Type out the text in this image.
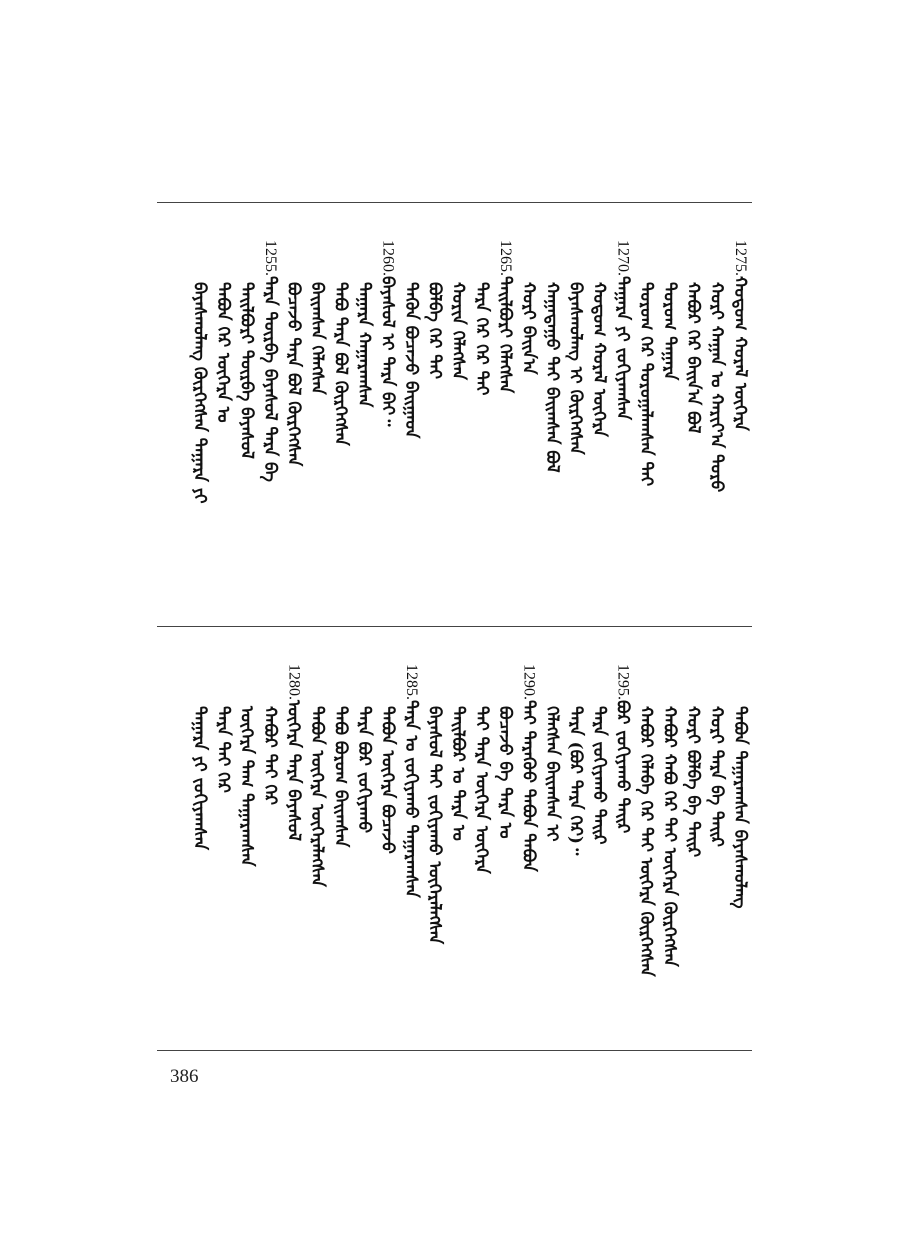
1275.ᠬᠣᠳᠤᠭ ᠬᠤᠷᠠᠯ ᠦᠭᠡᠷᠡ
ᠬᠣᠷᠢ ᠬᠠᠭᠠᠨ ᠤ ᠬᠠᠷᠢᠶ᠎ᠠ ᠳᠣᠷᠤ
ᠬᠠᠪᠤᠷ ᠬᠡᠷ ᠪᠠᠢᠨ᠎ᠠ ᠪᠣᠯ
ᠳᠣᠷᠤᠭ ᠲᠠᠭᠠᠷᠠ
ᠳᠣᠷᠤᠭ ᠬᠡᠷ ᠲᠤᠷᠤᠭᠠᠯᠠᠭᠰᠠᠨ ᠲᠠᠢ
1270.ᠲᠠᠭᠠᠷᠠ ᠶᠢ ᠵᠣᠬᠢᠶᠠᠭᠰᠠᠨ
ᠬᠣᠳᠤᠭ ᠬᠤᠷᠠᠯ ᠦᠭᠡᠷᠡ
ᠪᠠᠶᠠᠰᠬᠤᠯᠠᠩ ᠢ ᠬᠦᠷᠭᠡᠭᠰᠡᠨ
ᠬᠠᠭᠠᠳᠠᠭᠤ ᠲᠠᠢ ᠪᠠᠢᠭᠰᠠᠨ ᠪᠣᠯ
ᠬᠣᠷᠢ ᠪᠠᠢᠨ᠎ᠠ
1265.ᠲᠠᠢᠯᠪᠤᠷᠢ ᠬᠡᠯᠡᠭᠰᠡᠨ
ᠲᠡᠷᠡ ᠬᠡᠷ ᠬᠡᠷ ᠲᠠᠢ
ᠬᠣᠷᠢᠨ ᠬᠡᠯᠡᠭᠰᠡᠨ
ᠪᠣᠯᠪᠠ ᠬᠡᠷ ᠲᠠᠢ
ᠲᠡᠭᠦᠨ ᠪᠤᠴᠠᠵᠤ ᠪᠠᠢᠭᠠᠳ
1260.ᠪᠠᠶᠠᠰᠤᠯ ᠢ ᠲᠡᠷᠡ ᠪᠠᠢ᠃
ᠲᠠᠭᠠᠷᠠ ᠬᠠᠭᠠᠷᠠᠭᠰᠠᠨ
ᠲᠠᠪᠤ ᠲᠡᠷᠡ ᠪᠣᠯ ᠬᠦᠷᠭᠡᠭᠰᠡᠨ
ᠪᠠᠢᠭᠰᠠᠨ ᠬᠡᠯᠡᠭᠰᠡᠨ
ᠪᠤᠴᠠᠵᠤ ᠲᠡᠷᠡ ᠪᠣᠯ ᠬᠦᠷᠭᠡᠭᠰᠡᠨ
1255.ᠲᠡᠷᠡ ᠳᠦᠷᠪᠡ ᠪᠠᠶᠠᠰᠤᠯ ᠲᠡᠷᠡ ᠪᠡ
ᠲᠠᠢᠯᠪᠤᠷᠢ ᠳᠦᠷᠪᠡ ᠪᠠᠶᠠᠰᠤᠯ
ᠲᠠᠪᠤᠨ ᠬᠡᠷ ᠦᠭᠡᠷᠡ ᠤ
ᠪᠠᠶᠠᠰᠬᠤᠯᠠᠩ ᠬᠦᠷᠭᠡᠭᠰᠡᠨ ᠲᠠᠭᠠᠷᠠ ᠶᠢ
ᠲᠠᠪᠤᠨ ᠲᠠᠭᠠᠷᠠᠭᠰᠠᠨ ᠪᠠᠶᠠᠰᠬᠤᠯᠠᠩ
ᠬᠤᠷᠢ ᠲᠡᠷᠡ ᠪᠠ ᠲᠠᠢᠷ
ᠬᠣᠷᠢ ᠪᠣᠯᠪᠠ ᠪᠠ ᠲᠠᠢᠷ
ᠬᠠᠪᠤᠷ ᠬᠠᠪᠤ ᠬᠡᠷ ᠲᠠᠢ ᠦᠭᠡᠷᠡ ᠬᠦᠷᠭᠡᠭᠰᠡᠨ
ᠬᠠᠪᠤᠷ ᠬᠡᠯᠡᠪᠡ ᠬᠡᠷ ᠲᠠᠢ ᠦᠭᠡᠷᠡ ᠬᠦᠷᠭᠡᠭᠰᠡᠨ
1295.ᠪᠣᠷ ᠵᠣᠬᠢᠶᠠᠬᠤ ᠲᠠᠢᠷ
ᠲᠡᠷᠡ ᠵᠣᠬᠢᠶᠠᠬᠤ ᠲᠠᠢᠷ
ᠲᠡᠷᠡ (ᠪᠣᠷ ᠲᠡᠷᠡ ᠬᠡᠷ)᠃
ᠬᠡᠯᠡᠭᠰᠡᠨ ᠪᠠᠢᠭᠰᠠᠨ ᠢ
1290.ᠲᠠᠢ ᠲᠡᠷᠡᠭᠦᠦ ᠲᠠᠪᠤᠨ ᠲᠠᠪᠤᠨ
ᠪᠤᠴᠠᠵᠤ ᠪᠠ ᠲᠡᠷᠡ ᠤ
ᠲᠠᠢ ᠲᠡᠷᠡ ᠦᠭᠡᠷᠡ ᠦᠭᠡᠷᠡ
ᠲᠠᠢᠯᠪᠤᠷ ᠤ ᠲᠡᠷᠡ ᠤ
ᠪᠠᠶᠠᠰᠤᠯ ᠲᠠᠢ ᠵᠣᠬᠢᠶᠠᠬᠤ ᠦᠭᠡᠷᠡᠯᠡᠭᠰᠡᠨ
1285.ᠲᠡᠷᠡ ᠤ ᠵᠣᠬᠢᠶᠠᠬᠤ ᠲᠠᠭᠠᠷᠠᠭᠰᠠᠨ
ᠲᠠᠪᠤᠨ ᠦᠭᠡᠷᠡ ᠪᠤᠴᠠᠵᠤ
ᠲᠡᠷᠡ ᠪᠣᠷ ᠵᠣᠬᠢᠶᠠᠬᠤ
ᠲᠠᠪᠤ ᠪᠣᠷᠣᠭ ᠪᠠᠢᠭᠰᠠᠨ
ᠲᠠᠪᠤᠨ ᠦᠭᠡᠷᠡ ᠦᠭᠡᠷᠡᠯᠡᠭᠰᠡᠨ
1280.ᠦᠭᠡᠷᠡ ᠲᠡᠷᠡ ᠪᠠᠶᠠᠰᠤᠯ
ᠬᠠᠪᠤᠷ ᠲᠠᠢ ᠬᠡᠷ
ᠦᠭᠡᠷᠡ ᠲᠠᠭ ᠲᠠᠭᠠᠷᠠᠭᠰᠠᠨ
ᠲᠡᠷᠡ ᠲᠠᠢ ᠬᠡᠷ
ᠲᠠᠭᠠᠷᠠ ᠶᠢ ᠵᠣᠬᠢᠶᠠᠭᠰᠠᠨ
386
